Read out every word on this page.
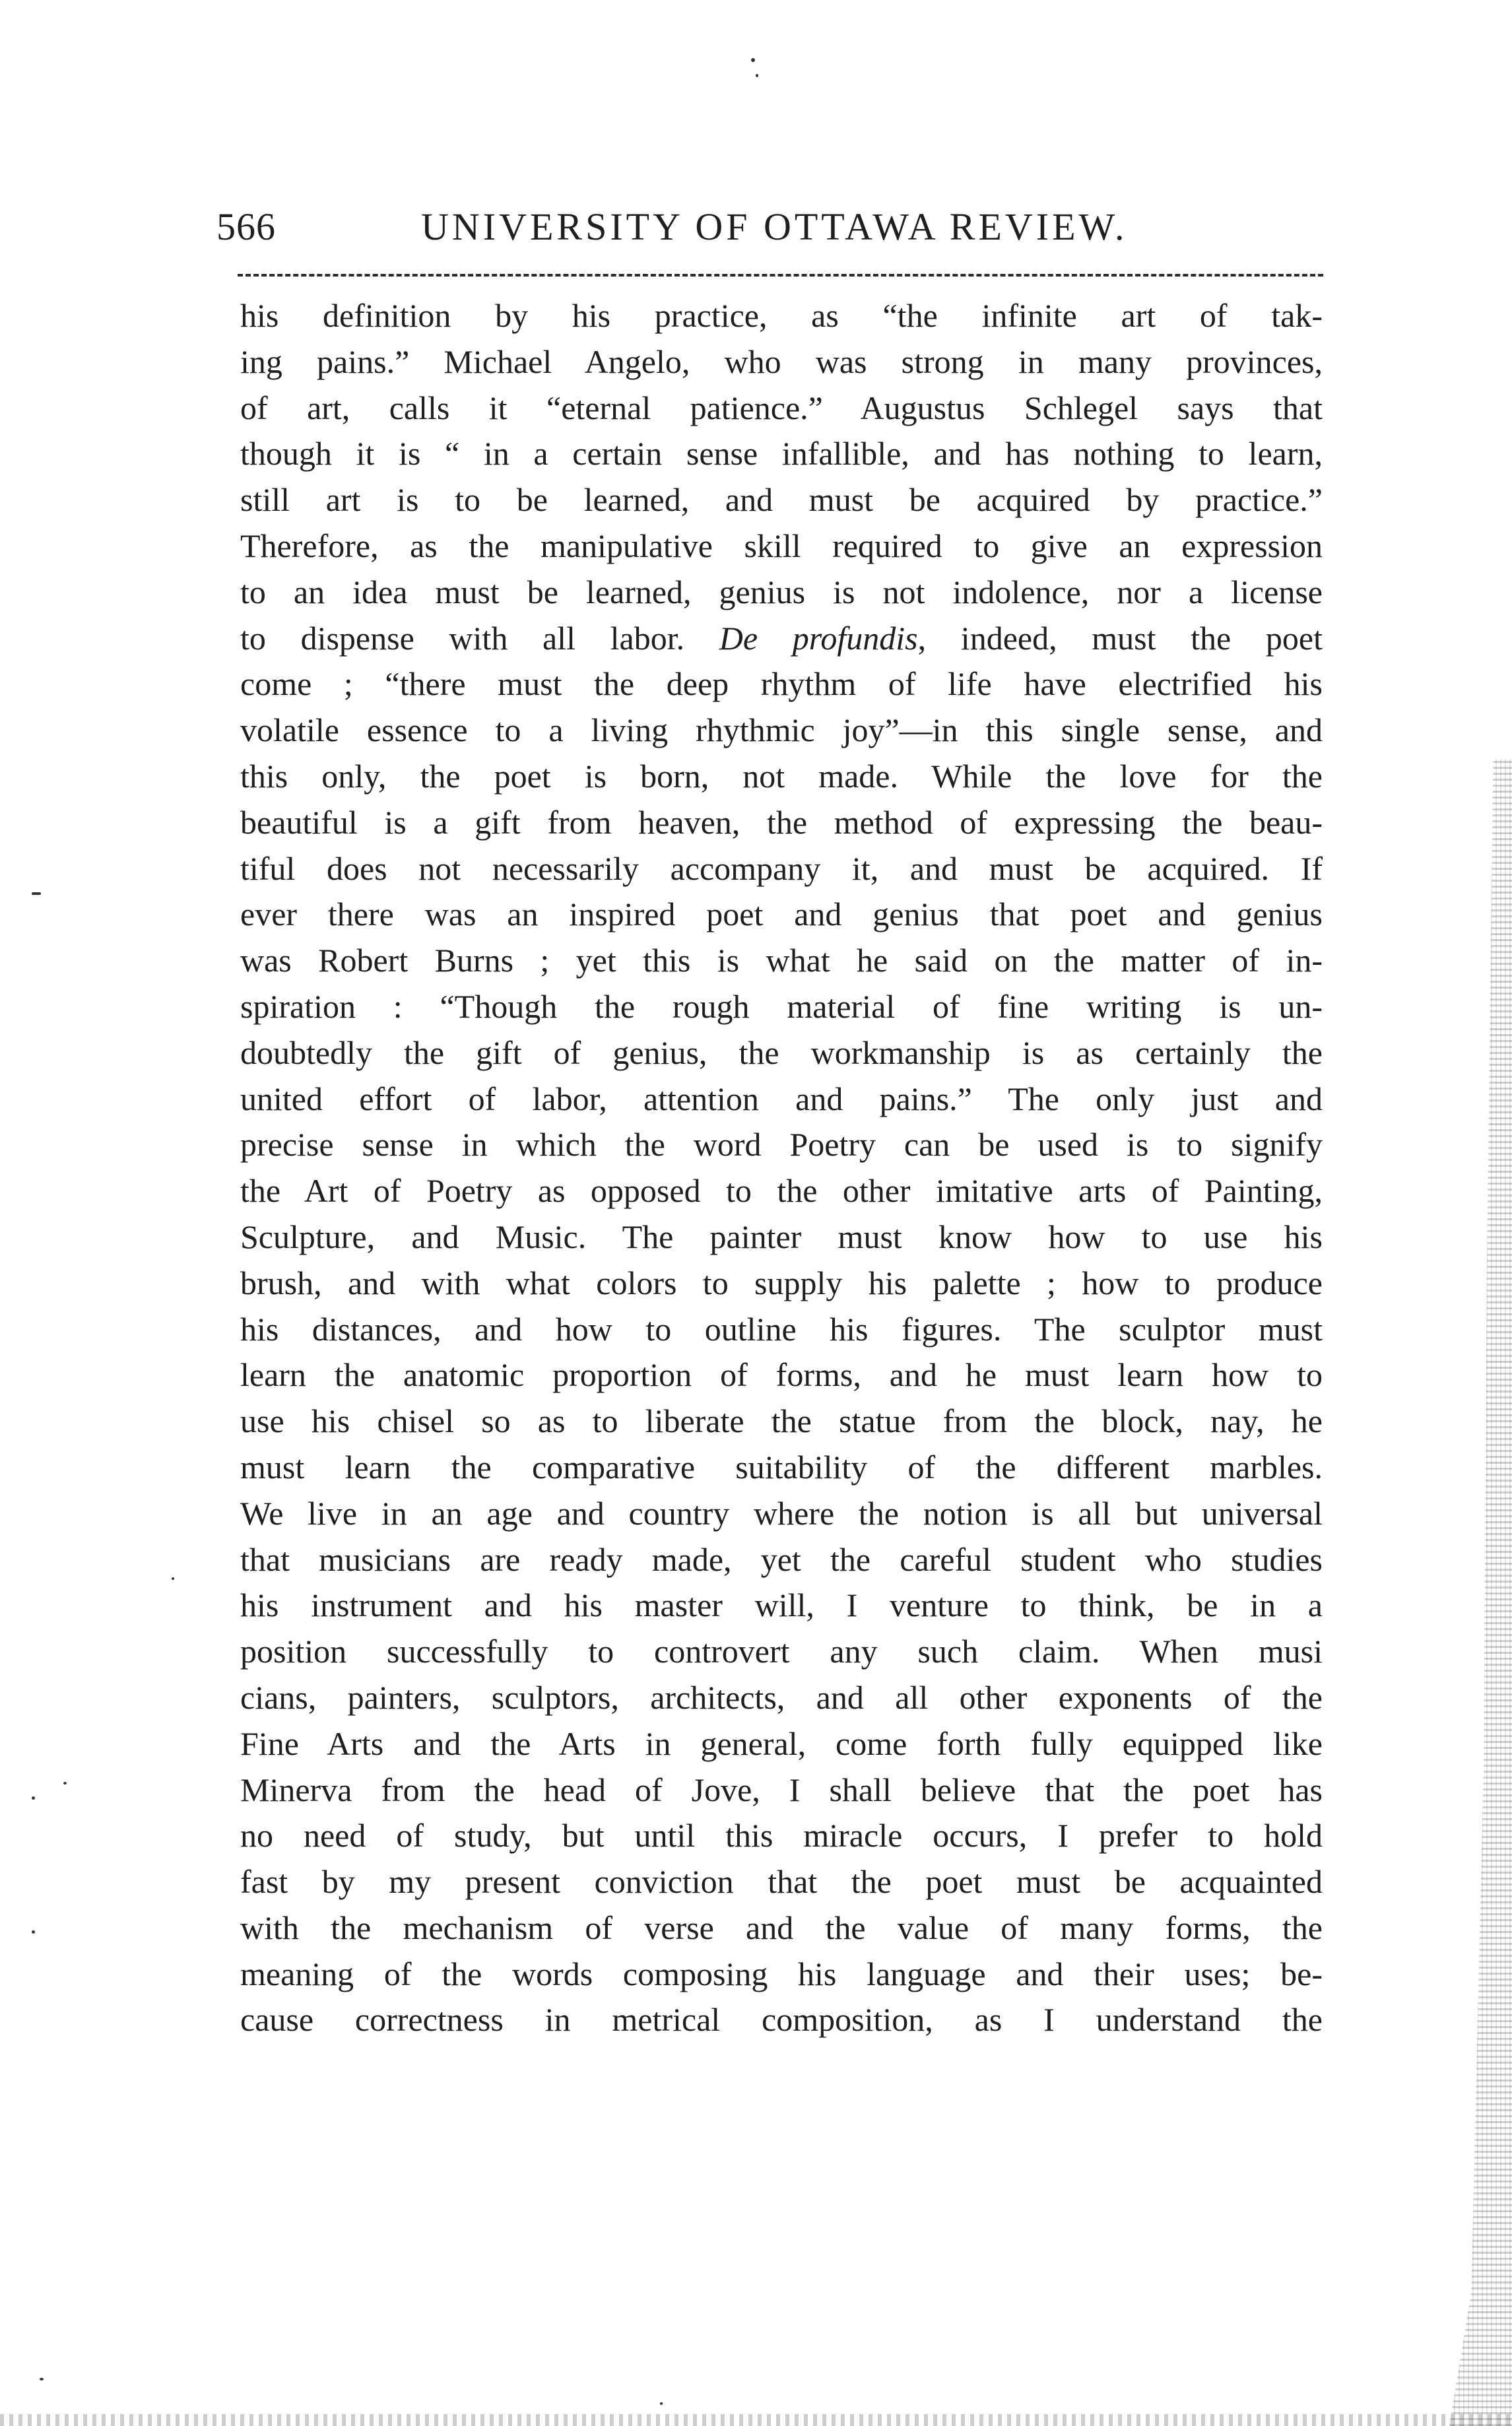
566	UNIVERSITY OF OTTAWA REVIEW.
his definition by his practice, as “the infinite art of tak-
ing pains.” Michael Angelo, who was strong in many provinces,
of art, calls it “eternal patience.” Augustus Schlegel says that
though it is “ in a certain sense infallible, and has nothing to learn,
still art is to be learned, and must be acquired by practice.”
Therefore, as the manipulative skill required to give an expression
to an idea must be learned, genius is not indolence, nor a license
to dispense with all labor. De profundis, indeed, must the poet
come ; “there must the deep rhythm of life have electrified his
volatile essence to a living rhythmic joy”—in this single sense, and
this only, the poet is born, not made. While the love for the
beautiful is a gift from heaven, the method of expressing the beau-
tiful does not necessarily accompany it, and must be acquired. If
ever there was an inspired poet and genius that poet and genius
was Robert Burns ; yet this is what he said on the matter of in-
spiration : “Though the rough material of fine writing is un-
doubtedly the gift of genius, the workmanship is as certainly the
united effort of labor, attention and pains.” The only just and
precise sense in which the word Poetry can be used is to signify
the Art of Poetry as opposed to the other imitative arts of Painting,
Sculpture, and Music. The painter must know how to use his
brush, and with what colors to supply his palette ; how to produce
his distances, and how to outline his figures. The sculptor must
learn the anatomic proportion of forms, and he must learn how to
use his chisel so as to liberate the statue from the block, nay, he
must learn the comparative suitability of the different marbles.
We live in an age and country where the notion is all but universal
that musicians are ready made, yet the careful student who studies
his instrument and his master will, I venture to think, be in a
position successfully to controvert any such claim. When musi
cians, painters, sculptors, architects, and all other exponents of the
Fine Arts and the Arts in general, come forth fully equipped like
Minerva from the head of Jove, I shall believe that the poet has
no need of study, but until this miracle occurs, I prefer to hold
fast by my present conviction that the poet must be acquainted
with the mechanism of verse and the value of many forms, the
meaning of the words composing his language and their uses; be-
cause correctness in metrical composition, as I understand the
